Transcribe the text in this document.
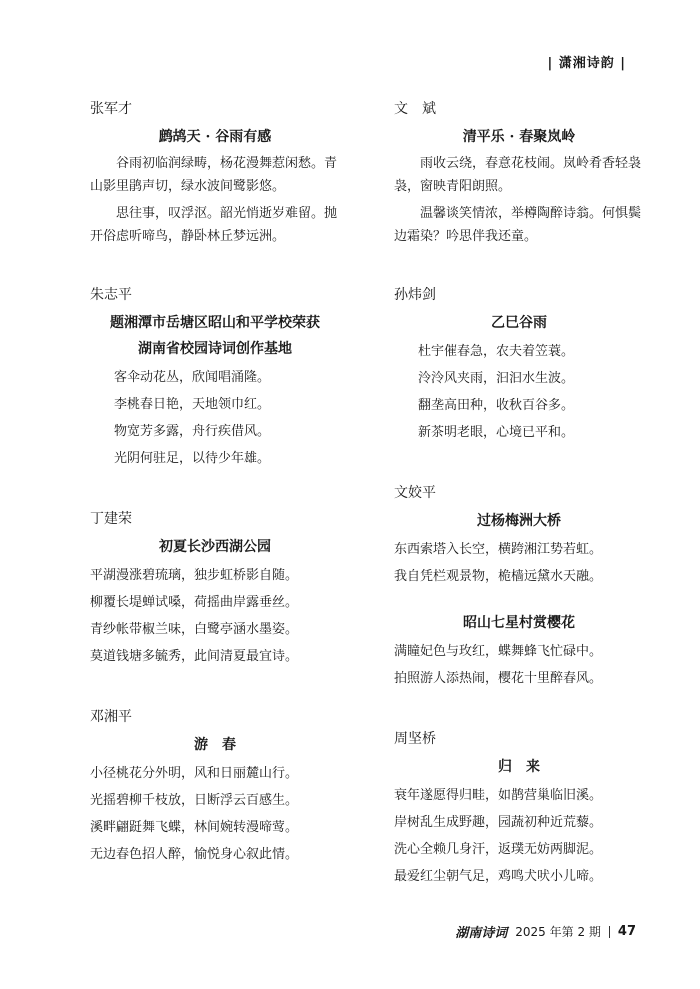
| 潇湘诗韵 |
张军才
鹧鸪天 · 谷雨有感

谷雨初临润绿畴，杨花漫舞惹闲愁。青山影里鹃声切，绿水波间鹭影悠。

思往事，叹浮沤。韶光悄逝岁难留。抛开俗虑听啼鸟，静卧林丘梦远洲。

朱志平
题湘潭市岳塘区昭山和平学校荣获
湖南省校园诗词创作基地

客伞动花丛，欣闻唱涌隆。

李桃春日艳，天地领巾红。

物宽芳多露，舟行疾借风。

光阴何驻足，以待少年雄。

丁建荣
初夏长沙西湖公园

平湖漫涨碧琉璃，独步虹桥影自随。

柳覆长堤蝉试嗓，荷摇曲岸露垂丝。

青纱帐带椒兰味，白鹭亭涵水墨姿。

莫道钱塘多毓秀，此间清夏最宜诗。

邓湘平
游　春

小径桃花分外明，风和日丽麓山行。

光摇碧柳千枝放，日断浮云百感生。

溪畔翩跹舞飞蝶，林间婉转漫啼莺。

无边春色招人醉，愉悦身心叙此情。

文　斌
清平乐 · 春聚岚岭

雨收云绕，春意花枝闹。岚岭肴香轻袅袅，窗映青阳朗照。

温馨谈笑情浓，举樽陶醉诗翁。何惧鬓边霜染？吟思伴我还童。

孙炜剑
乙巳谷雨

杜宇催春急，农夫着笠蓑。

泠泠风夹雨，汩汩水生波。

翻垄高田种，收秋百谷多。

新茶明老眼，心境已平和。

文姣平
过杨梅洲大桥

东西索塔入长空，横跨湘江势若虹。

我自凭栏观景物，桅樯远黛水天融。

昭山七星村赏樱花

满瞳妃色与玫红，蝶舞蜂飞忙碌中。

拍照游人添热闹，樱花十里醉春风。

周坚桥
归　来

衰年遂愿得归畦，如鹊营巢临旧溪。

岸树乱生成野趣，园蔬初种近荒藜。

洗心全赖几身汗，返璞无妨两脚泥。

最爱红尘朝气足，鸡鸣犬吠小儿啼。

湖南诗词 2025 年第 2 期 47
